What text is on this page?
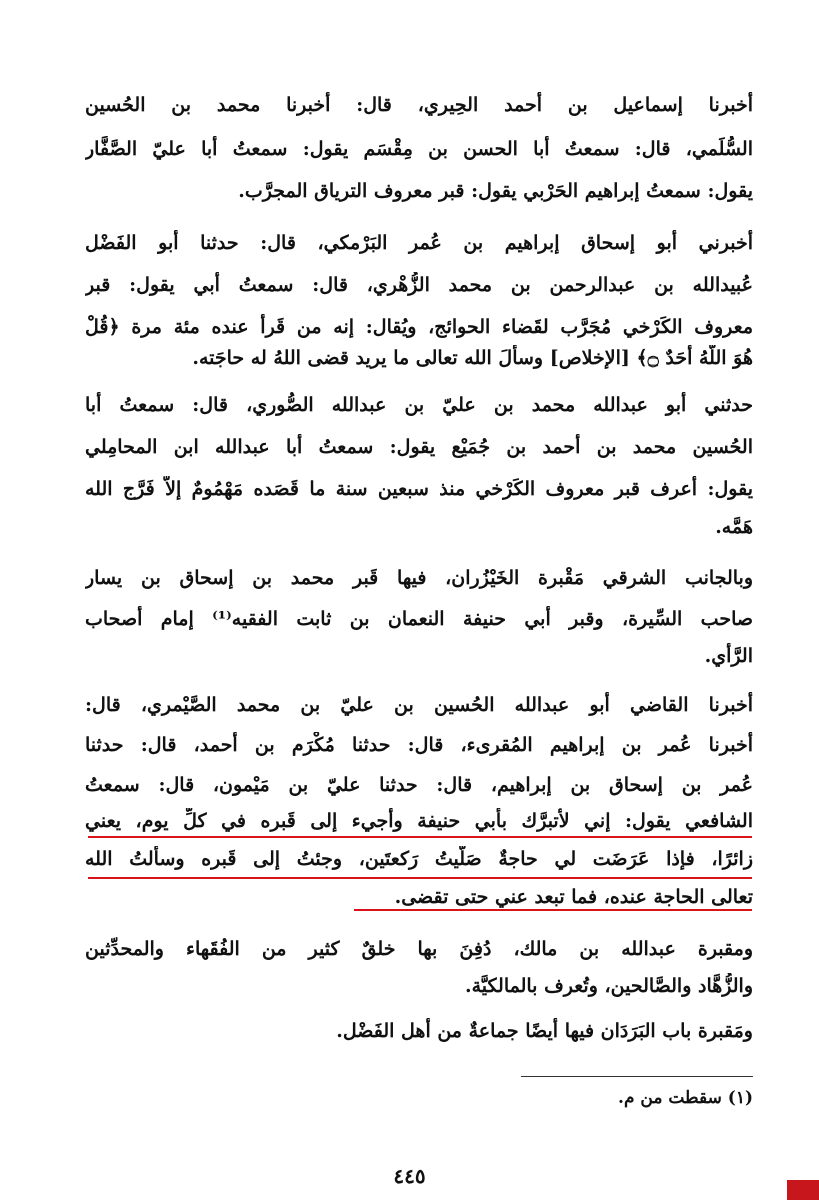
أخبرنا إسماعيل بن أحمد الحِيري، قال: أخبرنا محمد بن الحُسين
السُّلَمي، قال: سمعتُ أبا الحسن بن مِقْسَم يقول: سمعتُ أبا عليّ الصَّفَّار
يقول: سمعتُ إبراهيم الحَرْبي يقول: قبر معروف الترياق المجرَّب.
أخبرني أبو إسحاق إبراهيم بن عُمر البَرْمكي، قال: حدثنا أبو الفَضْل
عُبيدالله بن عبدالرحمن بن محمد الزُّهْري، قال: سمعتُ أبي يقول: قبر
معروف الكَرْخي مُجَرَّب لقَضاء الحوائج، ويُقال: إنه من قَرأ عنده مئة مرة ﴿قُلْ
هُوَ اللَّهُ أَحَدٌ ۝﴾ [الإخلاص] وسألَ الله تعالى ما يريد قضى اللهُ له حاجَته.
حدثني أبو عبدالله محمد بن عليّ بن عبدالله الصُّوري، قال: سمعتُ أبا
الحُسين محمد بن أحمد بن جُمَيْع يقول: سمعتُ أبا عبدالله ابن المحامِلي
يقول: أعرف قبر معروف الكَرْخي منذ سبعين سنة ما قَصَده مَهْمُومٌ إلاّ فَرَّج الله
هَمَّه.
وبالجانب الشرقي مَقْبرة الخَيْزُران، فيها قَبر محمد بن إسحاق بن يسار
صاحب السِّيرة، وقبر أبي حنيفة النعمان بن ثابت الفقيه⁽¹⁾ إمام أصحاب
الرَّأي.
أخبرنا القاضي أبو عبدالله الحُسين بن عليّ بن محمد الصَّيْمري، قال:
أخبرنا عُمر بن إبراهيم المُقرىء، قال: حدثنا مُكْرَم بن أحمد، قال: حدثنا
عُمر بن إسحاق بن إبراهيم، قال: حدثنا عليّ بن مَيْمون، قال: سمعتُ
الشافعي يقول: إني لأتبرَّك بأبي حنيفة وأجيء إلى قَبره في كلِّ يوم، يعني
زائرًا، فإذا عَرَضَت لي حاجةٌ صَلَّيتُ رَكعتَين، وجئتُ إلى قَبره وسألتُ الله
تعالى الحاجة عنده، فما تبعد عني حتى تقضى.
ومقبرة عبدالله بن مالك، دُفِنَ بها خلقٌ كثير من الفُقَهاء والمحدِّثين
والزُّهَّاد والصَّالحين، وتُعرف بالمالكيَّة.
ومَقبرة باب البَرَدَان فيها أيضًا جماعةٌ من أهل الفَضْل.
(١) سقطت من م.
٤٤٥
